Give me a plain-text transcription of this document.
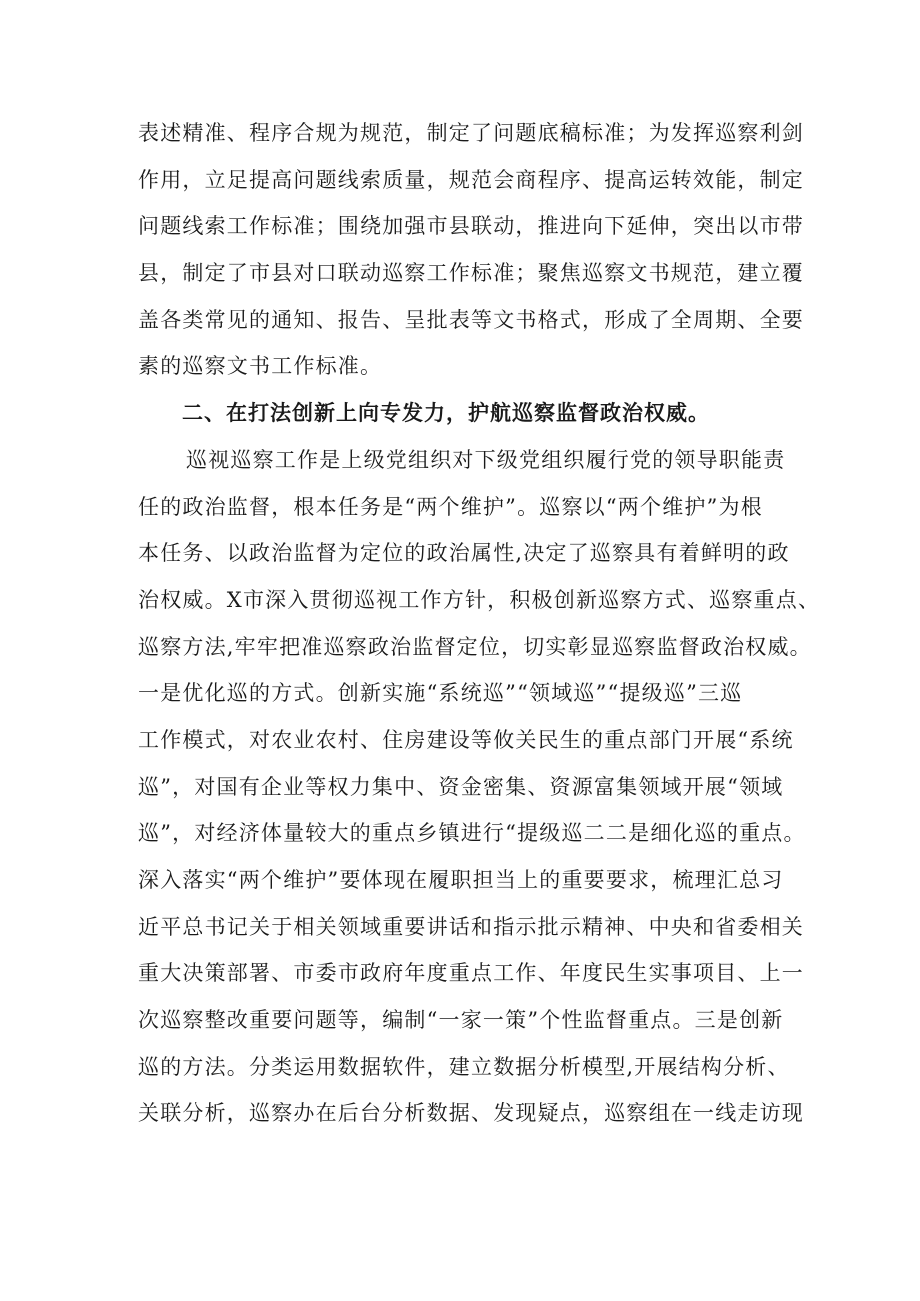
表述精准、程序合规为规范，制定了问题底稿标准；为发挥巡察利剑
作用，立足提高问题线索质量，规范会商程序、提高运转效能，制定
问题线索工作标准；围绕加强市县联动，推进向下延伸，突出以市带
县，制定了市县对口联动巡察工作标准；聚焦巡察文书规范，建立覆
盖各类常见的通知、报告、呈批表等文书格式，形成了全周期、全要
素的巡察文书工作标准。
二、在打法创新上向专发力，护航巡察监督政治权威。
巡视巡察工作是上级党组织对下级党组织履行党的领导职能责
任的政治监督，根本任务是“两个维护”。巡察以“两个维护”为根
本任务、以政治监督为定位的政治属性,决定了巡察具有着鲜明的政
治权威。X市深入贯彻巡视工作方针，积极创新巡察方式、巡察重点、
巡察方法,牢牢把准巡察政治监督定位，切实彰显巡察监督政治权威。
一是优化巡的方式。创新实施“系统巡”“领域巡”“提级巡”三巡
工作模式，对农业农村、住房建设等攸关民生的重点部门开展“系统
巡”，对国有企业等权力集中、资金密集、资源富集领域开展“领域
巡”，对经济体量较大的重点乡镇进行“提级巡二二是细化巡的重点。
深入落实“两个维护”要体现在履职担当上的重要要求，梳理汇总习
近平总书记关于相关领域重要讲话和指示批示精神、中央和省委相关
重大决策部署、市委市政府年度重点工作、年度民生实事项目、上一
次巡察整改重要问题等，编制“一家一策”个性监督重点。三是创新
巡的方法。分类运用数据软件，建立数据分析模型,开展结构分析、
关联分析，巡察办在后台分析数据、发现疑点，巡察组在一线走访现
